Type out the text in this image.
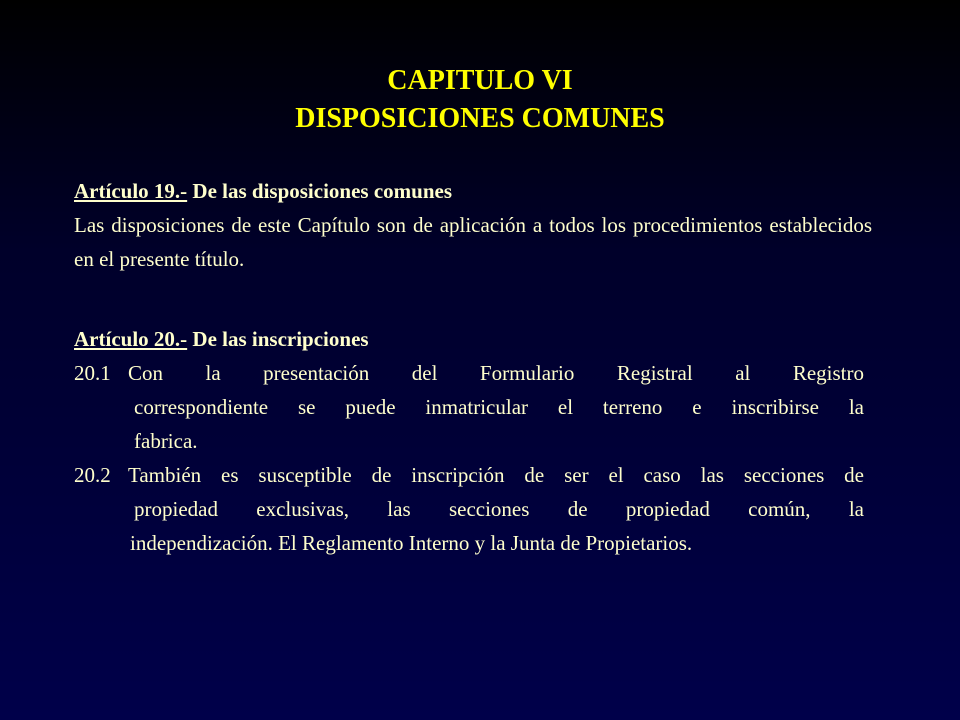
CAPITULO VI
DISPOSICIONES COMUNES
Artículo 19.- De las disposiciones comunes
Las disposiciones de este Capítulo son de aplicación a todos los procedimientos establecidos en el presente título.
Artículo 20.- De las inscripciones
20.1 Con la presentación del Formulario Registral al Registro
correspondiente se puede inmatricular el terreno e inscribirse la
fabrica.
20.2 También es susceptible de inscripción de ser el caso las secciones de
propiedad exclusivas, las secciones de propiedad común, la
independización. El Reglamento Interno y la Junta de Propietarios.
